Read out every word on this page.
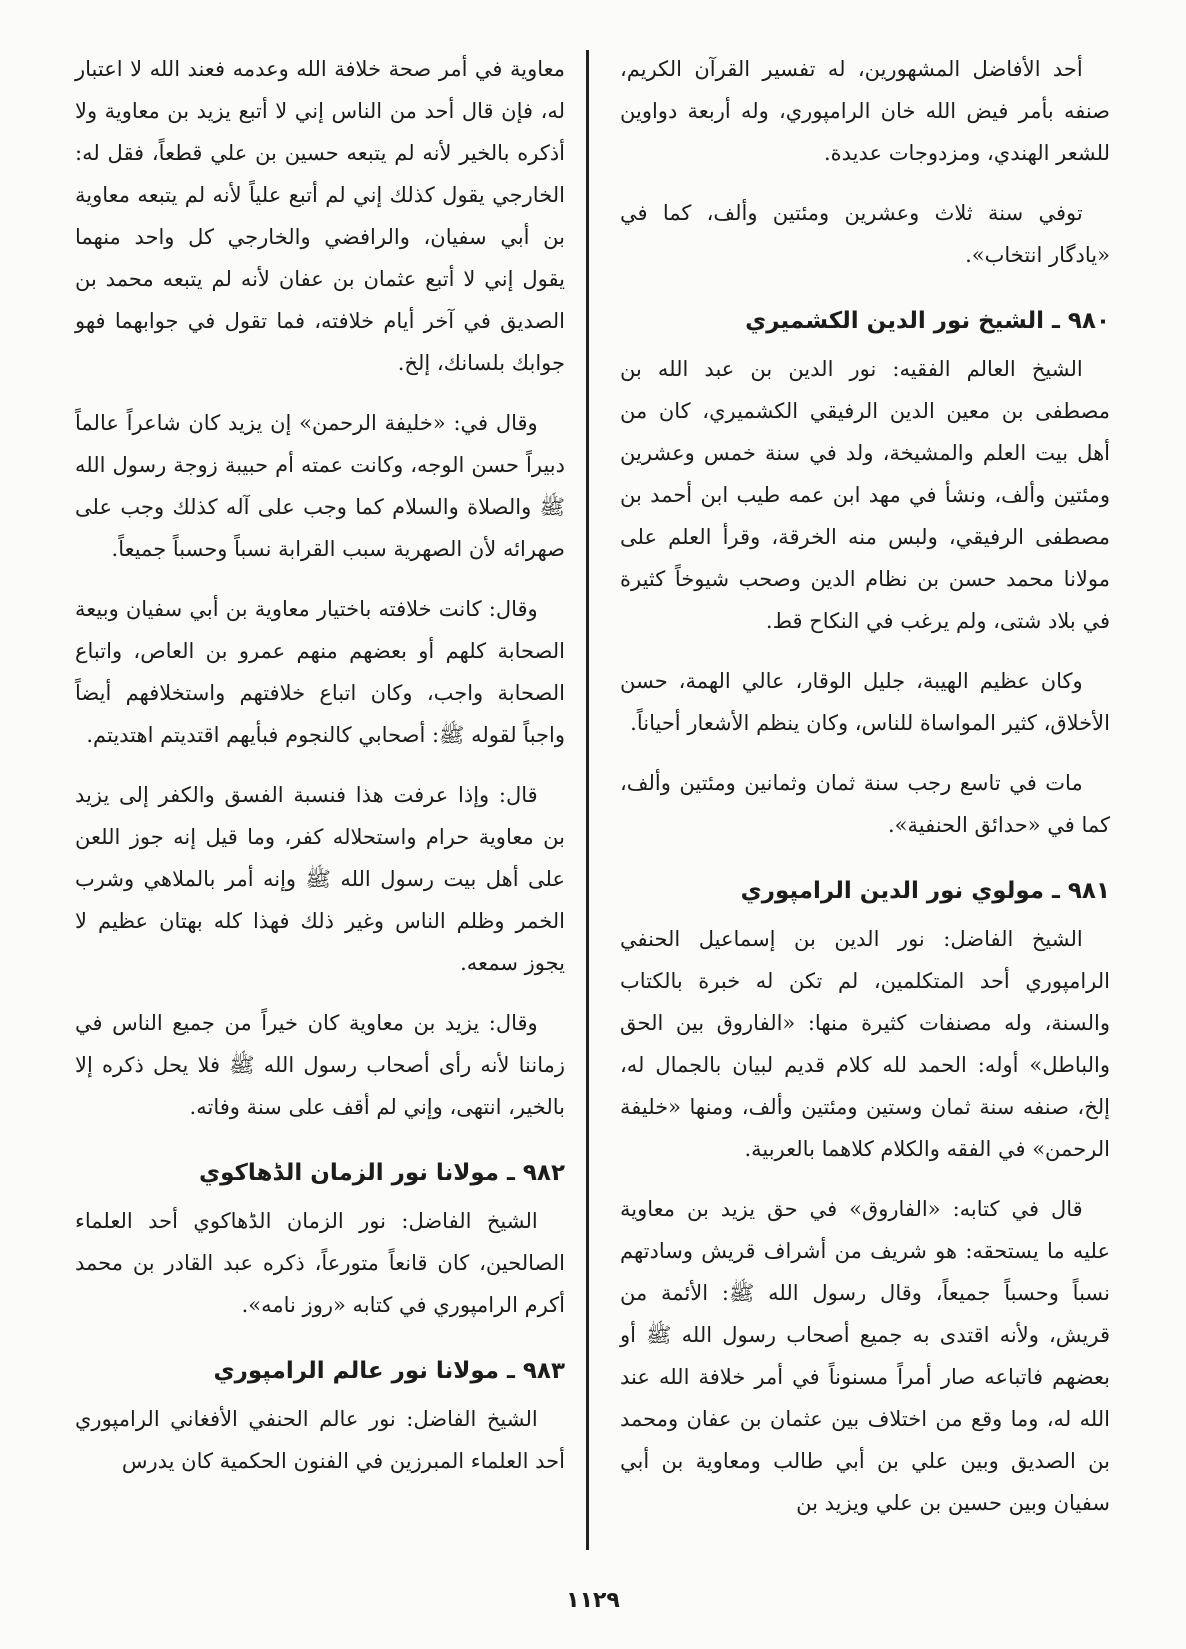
أحد الأفاضل المشهورين، له تفسير القرآن الكريم، صنفه بأمر فيض الله خان الرامپوري، وله أربعة دواوين للشعر الهندي، ومزدوجات عديدة.

توفي سنة ثلاث وعشرين ومئتين وألف، كما في «يادگار انتخاب».

٩٨٠ ـ الشيخ نور الدين الكشميري

الشيخ العالم الفقيه: نور الدين بن عبد الله بن مصطفى بن معين الدين الرفيقي الكشميري، كان من أهل بيت العلم والمشيخة، ولد في سنة خمس وعشرين ومئتين وألف، ونشأ في مهد ابن عمه طيب ابن أحمد بن مصطفى الرفيقي، ولبس منه الخرقة، وقرأ العلم على مولانا محمد حسن بن نظام الدين وصحب شيوخاً كثيرة في بلاد شتى، ولم يرغب في النكاح قط.

وكان عظيم الهيبة، جليل الوقار، عالي الهمة، حسن الأخلاق، كثير المواساة للناس، وكان ينظم الأشعار أحياناً.

مات في تاسع رجب سنة ثمان وثمانين ومئتين وألف، كما في «حدائق الحنفية».

٩٨١ ـ مولوي نور الدين الرامپوري

الشيخ الفاضل: نور الدين بن إسماعيل الحنفي الرامپوري أحد المتكلمين، لم تكن له خبرة بالكتاب والسنة، وله مصنفات كثيرة منها: «الفاروق بين الحق والباطل» أوله: الحمد لله كلام قديم لبيان بالجمال له، إلخ، صنفه سنة ثمان وستين ومئتين وألف، ومنها «خليفة الرحمن» في الفقه والكلام كلاهما بالعربية.

قال في كتابه: «الفاروق» في حق يزيد بن معاوية عليه ما يستحقه: هو شريف من أشراف قريش وسادتهم نسباً وحسباً جميعاً، وقال رسول الله ﷺ: الأئمة من قريش، ولأنه اقتدى به جميع أصحاب رسول الله ﷺ أو بعضهم فاتباعه صار أمراً مسنوناً في أمر خلافة الله عند الله له، وما وقع من اختلاف بين عثمان بن عفان ومحمد بن الصديق وبين علي بن أبي طالب ومعاوية بن أبي سفيان وبين حسين بن علي ويزيد بن

معاوية في أمر صحة خلافة الله وعدمه فعند الله لا اعتبار له، فإن قال أحد من الناس إني لا أتبع يزيد بن معاوية ولا أذكره بالخير لأنه لم يتبعه حسين بن علي قطعاً، فقل له: الخارجي يقول كذلك إني لم أتبع علياً لأنه لم يتبعه معاوية بن أبي سفيان، والرافضي والخارجي كل واحد منهما يقول إني لا أتبع عثمان بن عفان لأنه لم يتبعه محمد بن الصديق في آخر أيام خلافته، فما تقول في جوابهما فهو جوابك بلسانك، إلخ.

وقال في: «خليفة الرحمن» إن يزيد كان شاعراً عالماً دبيراً حسن الوجه، وكانت عمته أم حبيبة زوجة رسول الله ﷺ والصلاة والسلام كما وجب على آله كذلك وجب على صهرائه لأن الصهرية سبب القرابة نسباً وحسباً جميعاً.

وقال: كانت خلافته باختيار معاوية بن أبي سفيان وبيعة الصحابة كلهم أو بعضهم منهم عمرو بن العاص، واتباع الصحابة واجب، وكان اتباع خلافتهم واستخلافهم أيضاً واجباً لقوله ﷺ: أصحابي كالنجوم فبأيهم اقتديتم اهتديتم.

قال: وإذا عرفت هذا فنسبة الفسق والكفر إلى يزيد بن معاوية حرام واستحلاله كفر، وما قيل إنه جوز اللعن على أهل بيت رسول الله ﷺ وإنه أمر بالملاهي وشرب الخمر وظلم الناس وغير ذلك فهذا كله بهتان عظيم لا يجوز سمعه.

وقال: يزيد بن معاوية كان خيراً من جميع الناس في زماننا لأنه رأى أصحاب رسول الله ﷺ فلا يحل ذكره إلا بالخير، انتهى، وإني لم أقف على سنة وفاته.

٩٨٢ ـ مولانا نور الزمان الڈهاكوي

الشيخ الفاضل: نور الزمان الڈهاكوي أحد العلماء الصالحين، كان قانعاً متورعاً، ذكره عبد القادر بن محمد أكرم الرامپوري في كتابه «روز نامه».

٩٨٣ ـ مولانا نور عالم الرامپوري

الشيخ الفاضل: نور عالم الحنفي الأفغاني الرامپوري أحد العلماء المبرزين في الفنون الحكمية كان يدرس

١١٢٩
